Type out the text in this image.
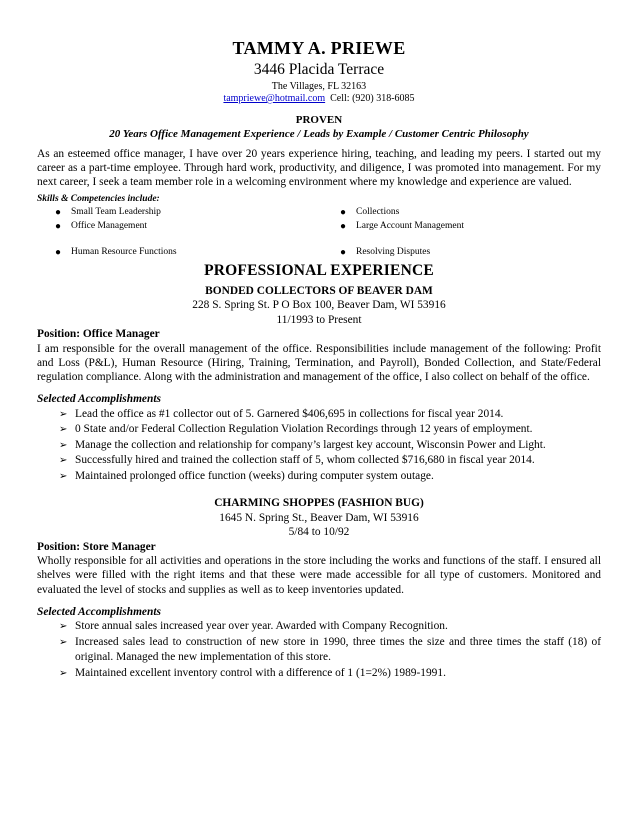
TAMMY A. PRIEWE
3446 Placida Terrace
The Villages, FL 32163
tampriewe@hotmail.com Cell: (920) 318-6085
PROVEN
20 Years Office Management Experience / Leads by Example / Customer Centric Philosophy
As an esteemed office manager, I have over 20 years experience hiring, teaching, and leading my peers. I started out my career as a part-time employee. Through hard work, productivity, and diligence, I was promoted into management. For my next career, I seek a team member role in a welcoming environment where my knowledge and experience are valued.
Skills & Competencies include:
● Small Team Leadership
● Office Management
● Human Resource Functions
● Collections
● Large Account Management
● Resolving Disputes
PROFESSIONAL EXPERIENCE
BONDED COLLECTORS OF BEAVER DAM
228 S. Spring St. P O Box 100, Beaver Dam, WI 53916
11/1993 to Present
Position: Office Manager
I am responsible for the overall management of the office. Responsibilities include management of the following: Profit and Loss (P&L), Human Resource (Hiring, Training, Termination, and Payroll), Bonded Collection, and State/Federal regulation compliance. Along with the administration and management of the office, I also collect on behalf of the office.
Selected Accomplishments
➢ Lead the office as #1 collector out of 5. Garnered $406,695 in collections for fiscal year 2014.
➢ 0 State and/or Federal Collection Regulation Violation Recordings through 12 years of employment.
➢ Manage the collection and relationship for company’s largest key account, Wisconsin Power and Light.
➢ Successfully hired and trained the collection staff of 5, whom collected $716,680 in fiscal year 2014.
➢ Maintained prolonged office function (weeks) during computer system outage.
CHARMING SHOPPES (FASHION BUG)
1645 N. Spring St., Beaver Dam, WI 53916
5/84 to 10/92
Position: Store Manager
Wholly responsible for all activities and operations in the store including the works and functions of the staff. I ensured all shelves were filled with the right items and that these were made accessible for all type of customers. Monitored and evaluated the level of stocks and supplies as well as to keep inventories updated.
Selected Accomplishments
➢ Store annual sales increased year over year. Awarded with Company Recognition.
➢ Increased sales lead to construction of new store in 1990, three times the size and three times the staff (18) of original. Managed the new implementation of this store.
➢ Maintained excellent inventory control with a difference of 1 (1=2%) 1989-1991.
